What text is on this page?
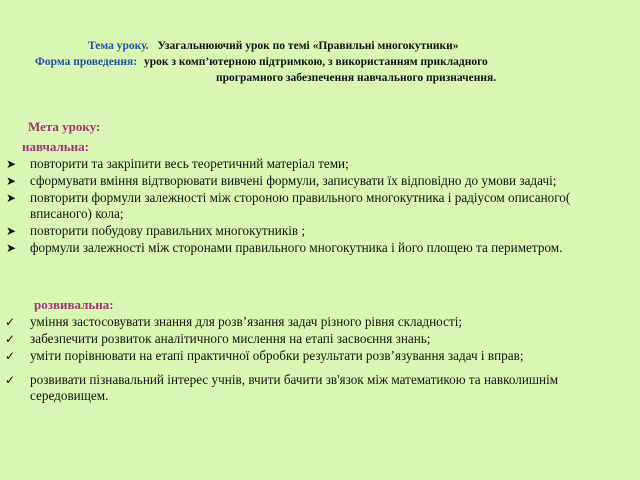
Тема уроку. Узагальнюючий урок по темі «Правильні многокутники»
Форма проведення: урок з комп’ютерною підтримкою, з використанням прикладного
програмного забезпечення навчального призначення.
Мета уроку:
навчальна:
➤ повторити та закріпити весь теоретичний матеріал теми;
➤ сформувати вміння відтворювати вивчені формули, записувати їх відповідно до умови задачі;
➤ повторити формули залежності між стороною правильного многокутника і радіусом описаного( вписаного) кола;
➤ повторити побудову правильних многокутників ;
➤ формули залежності між сторонами правильного многокутника і його площею та периметром.
розвивальна:
✓ уміння застосовувати знання для розв’язання задач різного рівня складності;
✓ забезпечити розвиток аналітичного мислення на етапі засвоєння знань;
✓ уміти порівнювати на етапі практичної обробки результати розв’язування задач і вправ;
✓ розвивати пізнавальний інтерес учнів, вчити бачити зв'язок між математикою та навколишнім середовищем.
